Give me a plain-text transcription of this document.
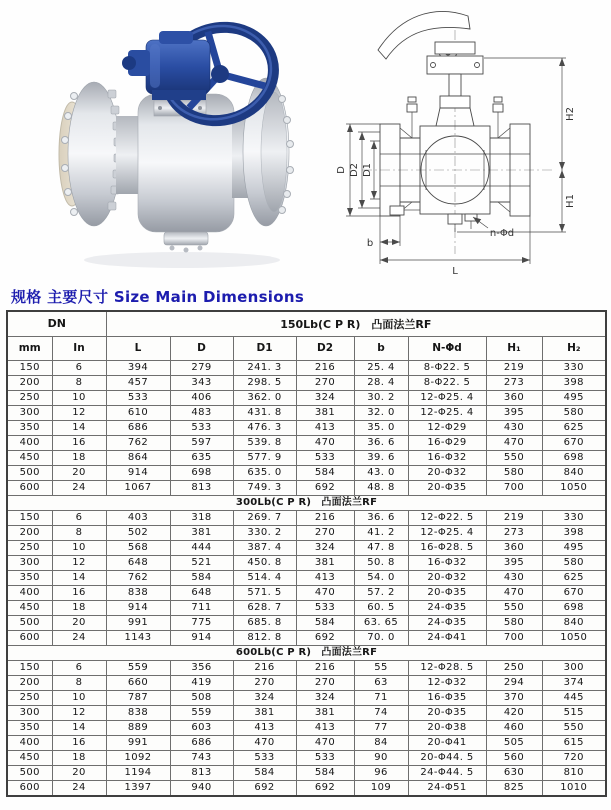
D D2 D1
H2
H1
b
n-Φd
L
规格 主要尺寸 Size Main Dimensions
DN		150Lb(C P R)　凸面法兰RF							
mm	In	L	D	D1	D2	b	N-Φd	H₁	H₂
150	6	394	279	241. 3	216	25. 4	8-Φ22. 5	219	330
200	8	457	343	298. 5	270	28. 4	8-Φ22. 5	273	398
250	10	533	406	362. 0	324	30. 2	12-Φ25. 4	360	495
300	12	610	483	431. 8	381	32. 0	12-Φ25. 4	395	580
350	14	686	533	476. 3	413	35. 0	12-Φ29	430	625
400	16	762	597	539. 8	470	36. 6	16-Φ29	470	670
450	18	864	635	577. 9	533	39. 6	16-Φ32	550	698
500	20	914	698	635. 0	584	43. 0	20-Φ32	580	840
600	24	1067	813	749. 3	692	48. 8	20-Φ35	700	1050
300Lb(C P R)　凸面法兰RF									
150	6	403	318	269. 7	216	36. 6	12-Φ22. 5	219	330
200	8	502	381	330. 2	270	41. 2	12-Φ25. 4	273	398
250	10	568	444	387. 4	324	47. 8	16-Φ28. 5	360	495
300	12	648	521	450. 8	381	50. 8	16-Φ32	395	580
350	14	762	584	514. 4	413	54. 0	20-Φ32	430	625
400	16	838	648	571. 5	470	57. 2	20-Φ35	470	670
450	18	914	711	628. 7	533	60. 5	24-Φ35	550	698
500	20	991	775	685. 8	584	63. 65	24-Φ35	580	840
600	24	1143	914	812. 8	692	70. 0	24-Φ41	700	1050
600Lb(C P R)　凸面法兰RF									
150	6	559	356	216	216	55	12-Φ28. 5	250	300
200	8	660	419	270	270	63	12-Φ32	294	374
250	10	787	508	324	324	71	16-Φ35	370	445
300	12	838	559	381	381	74	20-Φ35	420	515
350	14	889	603	413	413	77	20-Φ38	460	550
400	16	991	686	470	470	84	20-Φ41	505	615
450	18	1092	743	533	533	90	20-Φ44. 5	560	720
500	20	1194	813	584	584	96	24-Φ44. 5	630	810
600	24	1397	940	692	692	109	24-Φ51	825	1010
